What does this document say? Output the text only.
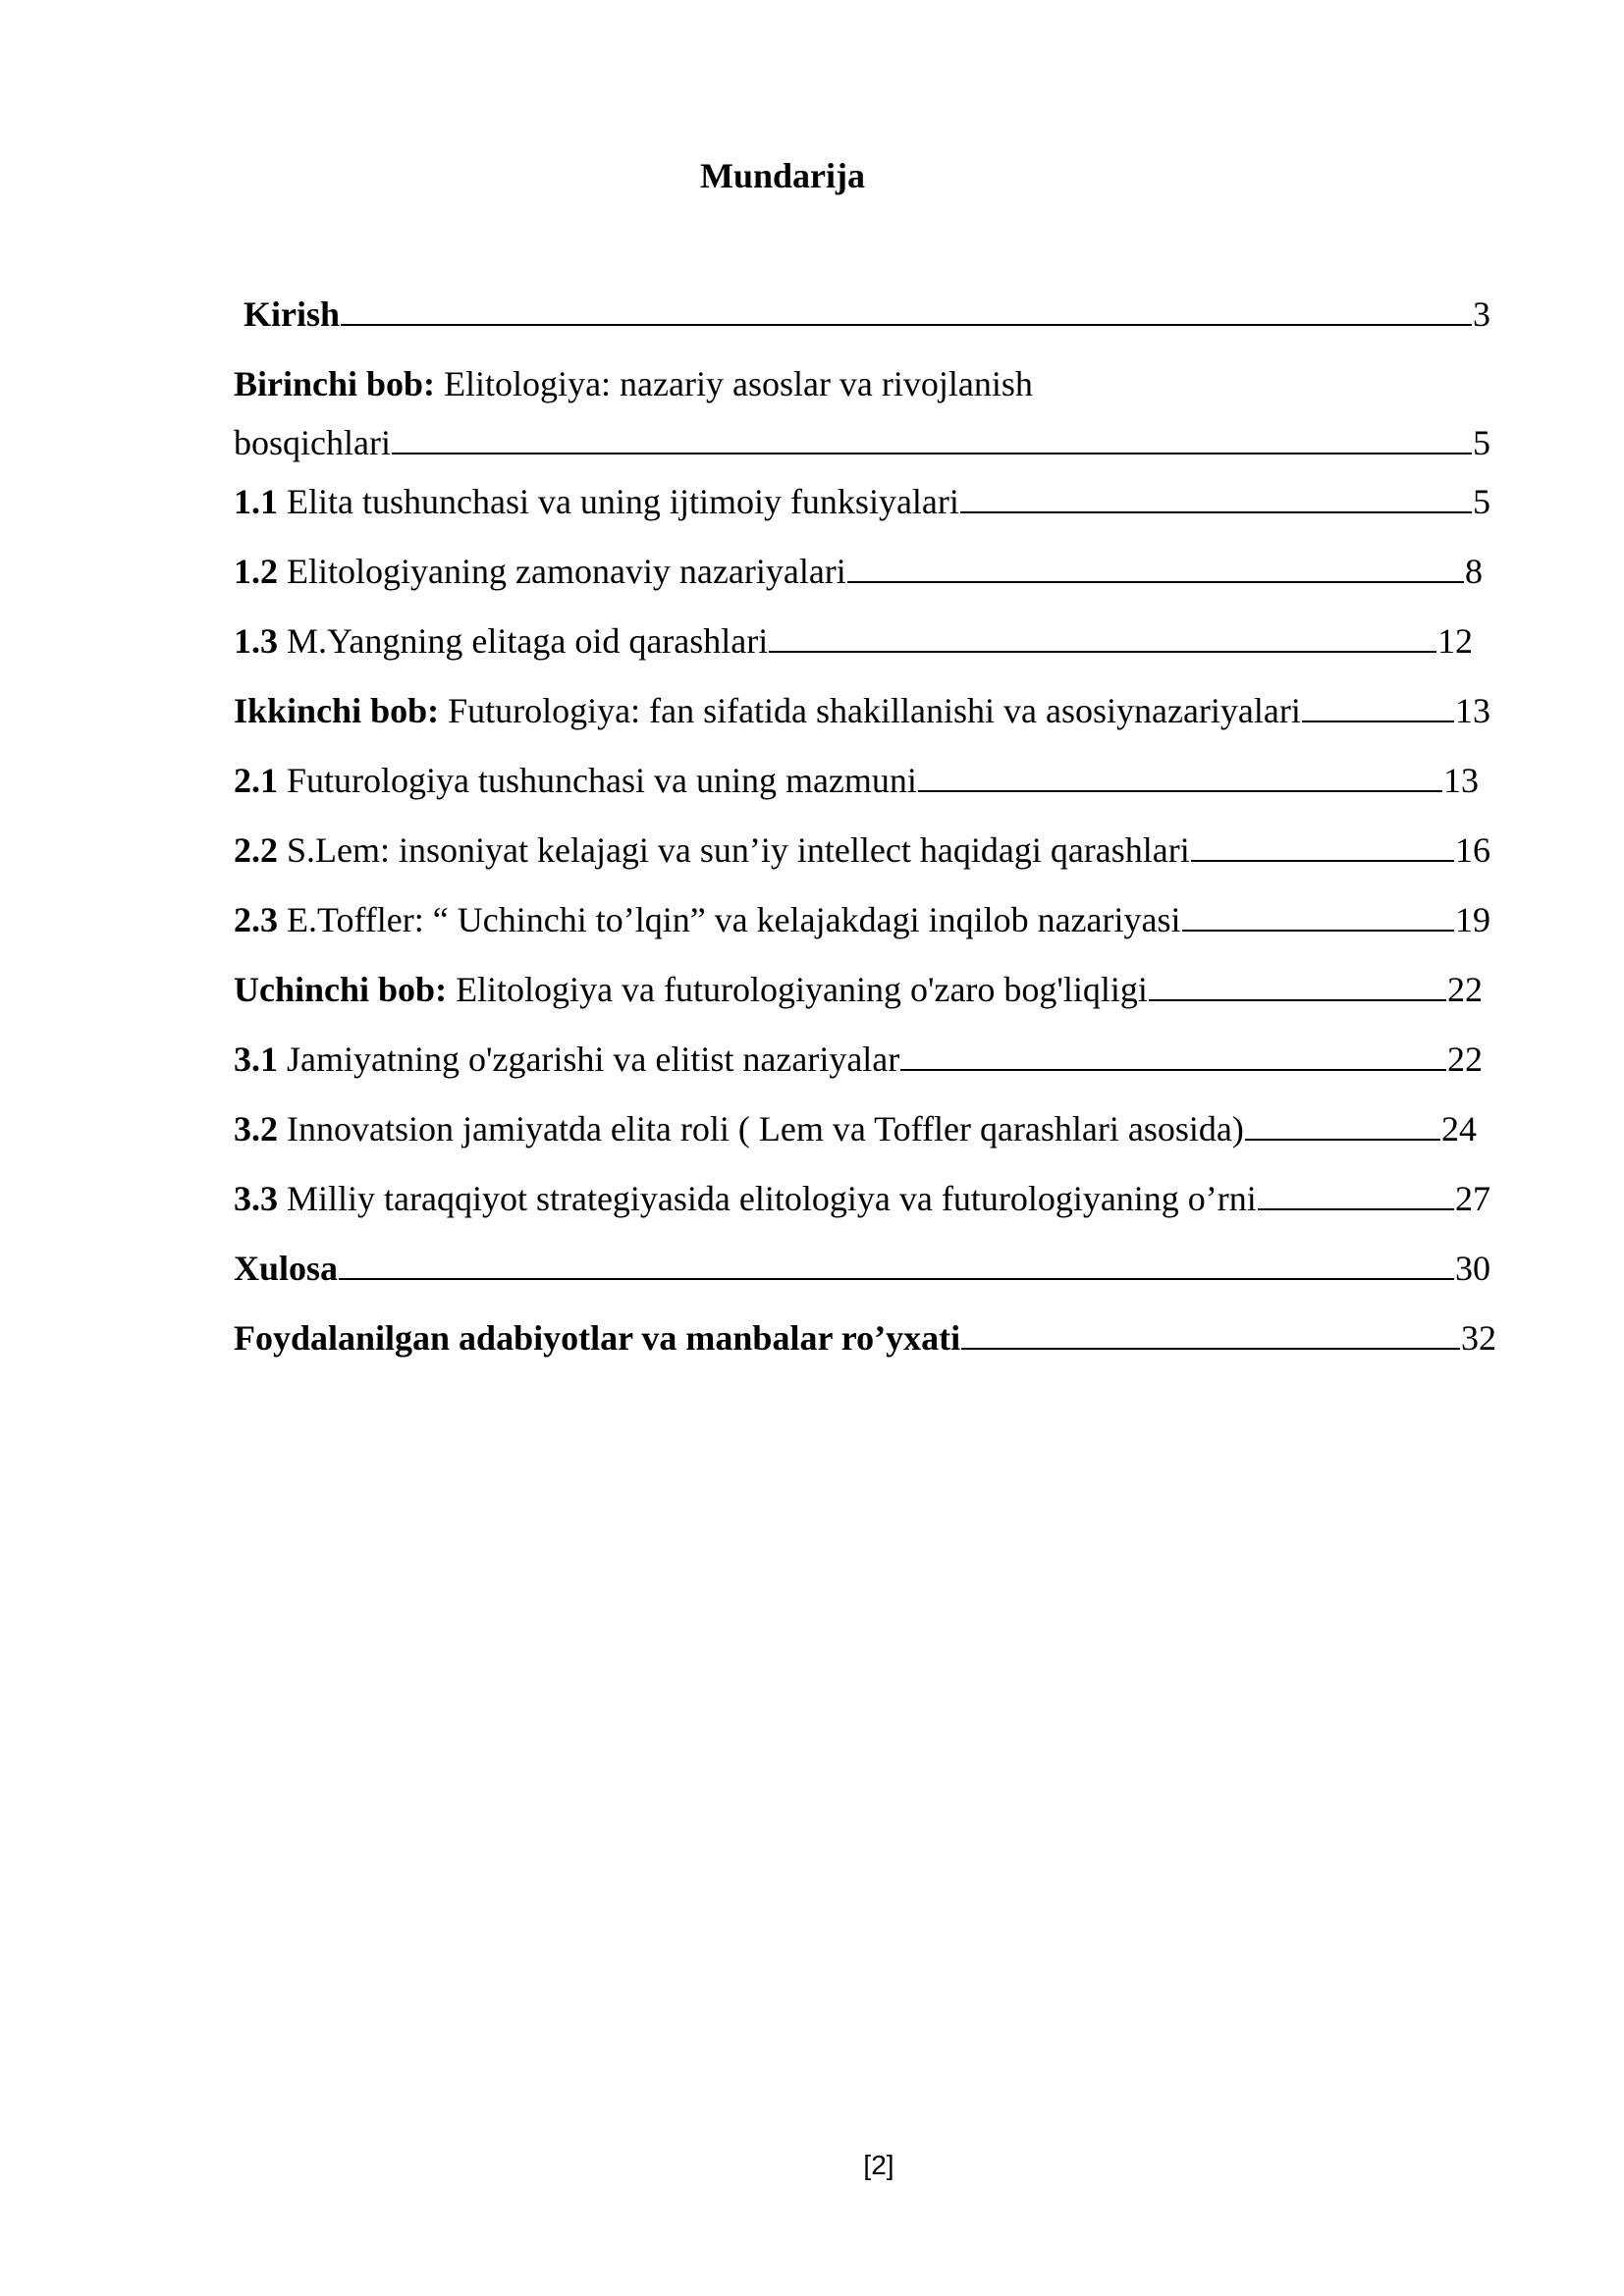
Mundarija
Kirish	3
Birinchi bob: Elitologiya: nazariy asoslar va rivojlanish
bosqichlari	5
1.1 Elita tushunchasi va uning ijtimoiy funksiyalari	5
1.2 Elitologiyaning zamonaviy nazariyalari	8
1.3 M.Yangning elitaga oid qarashlari	12
Ikkinchi bob: Futurologiya: fan sifatida shakillanishi va asosiynazariyalari	13
2.1 Futurologiya tushunchasi va uning mazmuni	13
2.2 S.Lem: insoniyat kelajagi va sun’iy intellect haqidagi qarashlari	16
2.3 E.Toffler: “ Uchinchi to’lqin” va kelajakdagi inqilob nazariyasi	19
Uchinchi bob: Elitologiya va futurologiyaning o'zaro bog'liqligi	22
3.1 Jamiyatning o'zgarishi va elitist nazariyalar	22
3.2 Innovatsion jamiyatda elita roli ( Lem va Toffler qarashlari asosida)	24
3.3 Milliy taraqqiyot strategiyasida elitologiya va futurologiyaning o’rni	27
Xulosa	30
Foydalanilgan adabiyotlar va manbalar ro’yxati	32
[2]
